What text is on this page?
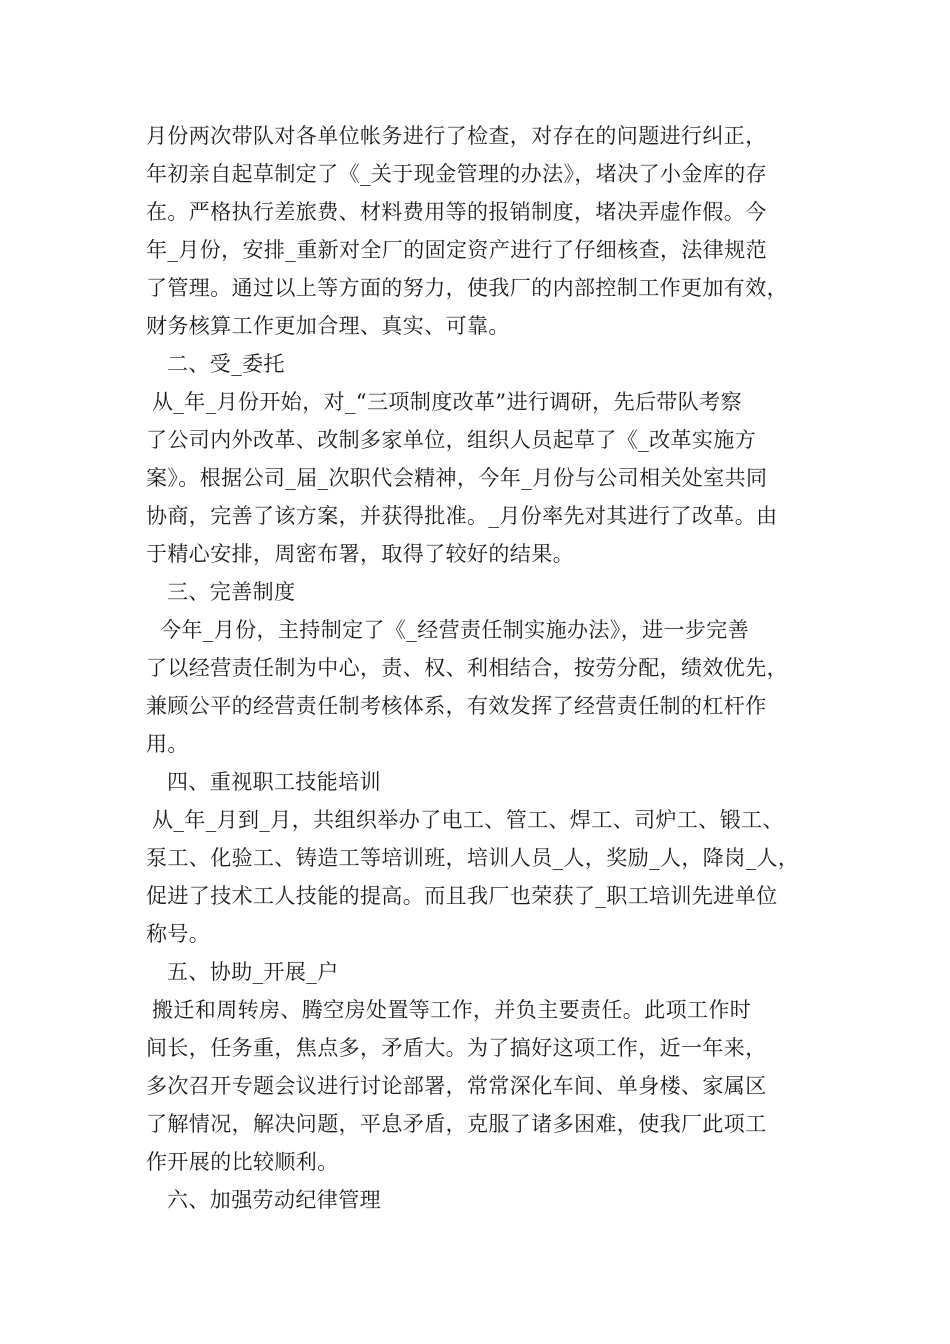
月份两次带队对各单位帐务进行了检查，对存在的问题进行纠正，
年初亲自起草制定了《_关于现金管理的办法》，堵决了小金库的存
在。严格执行差旅费、材料费用等的报销制度，堵决弄虚作假。今
年_月份，安排_重新对全厂的固定资产进行了仔细核查，法律规范
了管理。通过以上等方面的努力，使我厂的内部控制工作更加有效，
财务核算工作更加合理、真实、可靠。
二、受_委托
从_年_月份开始，对_“三项制度改革”进行调研，先后带队考察
了公司内外改革、改制多家单位，组织人员起草了《_改革实施方
案》。根据公司_届_次职代会精神，今年_月份与公司相关处室共同
协商，完善了该方案，并获得批准。_月份率先对其进行了改革。由
于精心安排，周密布署，取得了较好的结果。
三、完善制度
今年_月份，主持制定了《_经营责任制实施办法》，进一步完善
了以经营责任制为中心，责、权、利相结合，按劳分配，绩效优先，
兼顾公平的经营责任制考核体系，有效发挥了经营责任制的杠杆作
用。
四、重视职工技能培训
从_年_月到_月，共组织举办了电工、管工、焊工、司炉工、锻工、
泵工、化验工、铸造工等培训班，培训人员_人，奖励_人，降岗_人，
促进了技术工人技能的提高。而且我厂也荣获了_职工培训先进单位
称号。
五、协助_开展_户
搬迁和周转房、腾空房处置等工作，并负主要责任。此项工作时
间长，任务重，焦点多，矛盾大。为了搞好这项工作，近一年来，
多次召开专题会议进行讨论部署，常常深化车间、单身楼、家属区
了解情况，解决问题，平息矛盾，克服了诸多困难，使我厂此项工
作开展的比较顺利。
六、加强劳动纪律管理
